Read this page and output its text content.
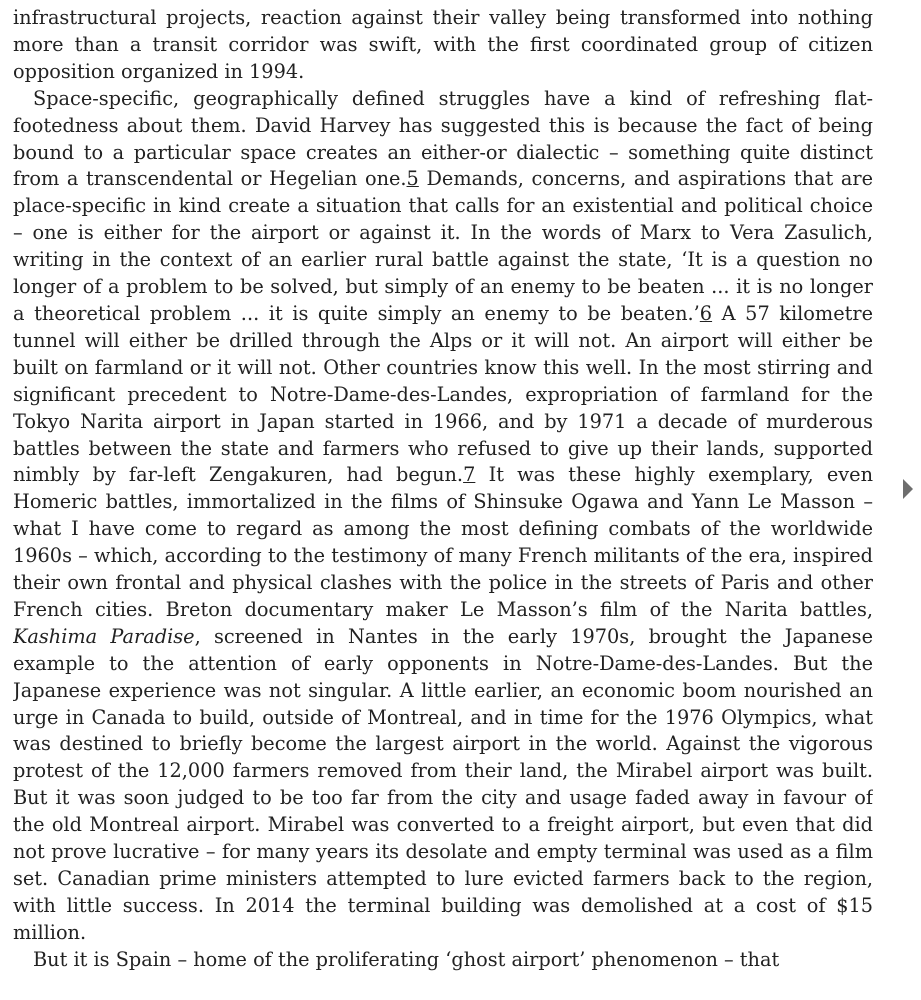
infrastructural projects, reaction against their valley being transformed into nothing more than a transit corridor was swift, with the first coordinated group of citizen opposition organized in 1994.

Space-specific, geographically defined struggles have a kind of refreshing flat-footedness about them. David Harvey has suggested this is because the fact of being bound to a particular space creates an either-or dialectic – something quite distinct from a transcendental or Hegelian one.5 Demands, concerns, and aspirations that are place-specific in kind create a situation that calls for an existential and political choice – one is either for the airport or against it. In the words of Marx to Vera Zasulich, writing in the context of an earlier rural battle against the state, ‘It is a question no longer of a problem to be solved, but simply of an enemy to be beaten ... it is no longer a theoretical problem ... it is quite simply an enemy to be beaten.’6 A 57 kilometre tunnel will either be drilled through the Alps or it will not. An airport will either be built on farmland or it will not. Other countries know this well. In the most stirring and significant precedent to Notre-Dame-des-Landes, expropriation of farmland for the Tokyo Narita airport in Japan started in 1966, and by 1971 a decade of murderous battles between the state and farmers who refused to give up their lands, supported nimbly by far-left Zengakuren, had begun.7 It was these highly exemplary, even Homeric battles, immortalized in the films of Shinsuke Ogawa and Yann Le Masson – what I have come to regard as among the most defining combats of the worldwide 1960s – which, according to the testimony of many French militants of the era, inspired their own frontal and physical clashes with the police in the streets of Paris and other French cities. Breton documentary maker Le Masson’s film of the Narita battles, Kashima Paradise, screened in Nantes in the early 1970s, brought the Japanese example to the attention of early opponents in Notre-Dame-des-Landes. But the Japanese experience was not singular. A little earlier, an economic boom nourished an urge in Canada to build, outside of Montreal, and in time for the 1976 Olympics, what was destined to briefly become the largest airport in the world. Against the vigorous protest of the 12,000 farmers removed from their land, the Mirabel airport was built. But it was soon judged to be too far from the city and usage faded away in favour of the old Montreal airport. Mirabel was converted to a freight airport, but even that did not prove lucrative – for many years its desolate and empty terminal was used as a film set. Canadian prime ministers attempted to lure evicted farmers back to the region, with little success. In 2014 the terminal building was demolished at a cost of $15 million.

But it is Spain – home of the proliferating ‘ghost airport’ phenomenon – that
